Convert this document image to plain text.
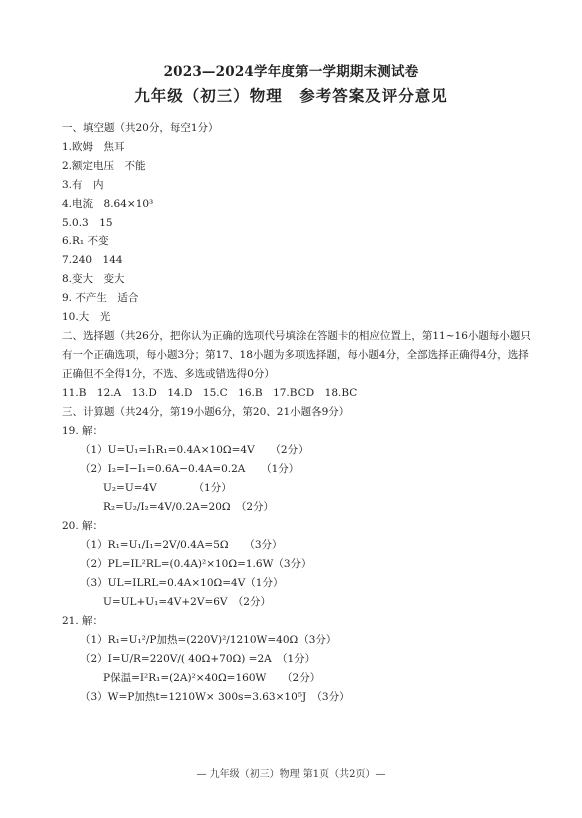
2023—2024学年度第一学期期末测试卷
九年级（初三）物理　参考答案及评分意见
一、填空题（共20分，每空1分）
1.欧姆　焦耳
2.额定电压　不能
3.有　内
4.电流　8.64×10³
5.0.3　15
6.R₁ 不变
7.240　144
8.变大　变大
9. 不产生　适合
10.大　光
二、选择题（共26分，把你认为正确的选项代号填涂在答题卡的相应位置上，第11~16小题每小题只有一个正确选项，每小题3分；第17、18小题为多项选择题，每小题4分，全部选择正确得4分，选择正确但不全得1分，不选、多选或错选得0分）
11.B　12.A　13.D　14.D　15.C　16.B　17.BCD　18.BC
三、计算题（共24分，第19小题6分，第20、21小题各9分）
19. 解：
（1）U=U₁=I₁R₁=0.4A×10Ω=4V　　（2分）
（2）I₂=I−I₁=0.6A−0.4A=0.2A　　（1分）
U₂=U=4V　　　　（1分）
R₂=U₂/I₂=4V/0.2A=20Ω　（2分）
20. 解：
（1）R₁=U₁/I₁=2V/0.4A=5Ω　　（3分）
（2）PL=IL²RL=(0.4A)²×10Ω=1.6W（3分）
（3）UL=ILRL=0.4A×10Ω=4V（1分）
U=UL+U₁=4V+2V=6V　（2分）
21. 解：
（1）R₁=U₁²/P加热=(220V)²/1210W=40Ω（3分）
（2）I=U/R=220V/( 40Ω+70Ω) =2A　（1分）
P保温=I²R₁=(2A)²×40Ω=160W　　（2分）
（3）W=P加热t=1210W× 300s=3.63×10⁵J　（3分）
— 九年级（初三）物理 第1页（共2页）—
